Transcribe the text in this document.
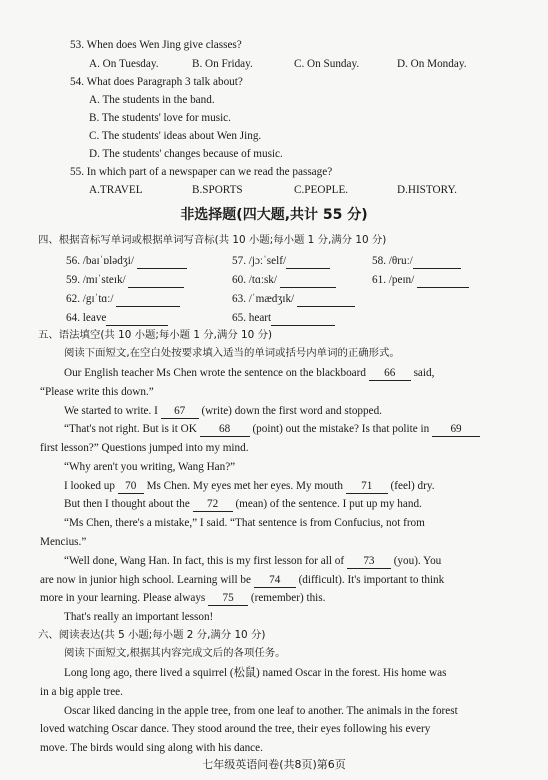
53. When does Wen Jing give classes?
A. On Tuesday.	B. On Friday.	C. On Sunday.	D. On Monday.
54. What does Paragraph 3 talk about?
A. The students in the band.
B. The students' love for music.
C. The students' ideas about Wen Jing.
D. The students' changes because of music.
55. In which part of a newspaper can we read the passage?
A.TRAVEL	B.SPORTS	C.PEOPLE.	D.HISTORY.
非选择题(四大题,共计 55 分)
四、根据音标写单词或根据单词写音标(共 10 小题;每小题 1 分,满分 10 分)
56. /baɪˈɒlədʒi/	57. /jɔːˈself/	58. /θruː/
59. /mɪˈsteɪk/	60. /tɑːsk/	61. /peɪn/
62. /gɪˈtɑː/	63. /ˈmædʒɪk/
64. leave	65. heart
五、语法填空(共 10 小题;每小题 1 分,满分 10 分)
阅读下面短文,在空白处按要求填入适当的单词或括号内单词的正确形式。
Our English teacher Ms Chen wrote the sentence on the blackboard 66 said,
“Please write this down.”
We started to write. I 67 (write) down the first word and stopped.
“That's not right. But is it OK 68 (point) out the mistake? Is that polite in 69
first lesson?” Questions jumped into my mind.
“Why aren't you writing, Wang Han?”
I looked up 70 Ms Chen. My eyes met her eyes. My mouth 71 (feel) dry.
But then I thought about the 72 (mean) of the sentence. I put up my hand.
“Ms Chen, there's a mistake,” I said. “That sentence is from Confucius, not from
Mencius.”
“Well done, Wang Han. In fact, this is my first lesson for all of 73 (you). You
are now in junior high school. Learning will be 74 (difficult). It's important to think
more in your learning. Please always 75 (remember) this.
That's really an important lesson!
六、阅读表达(共 5 小题;每小题 2 分,满分 10 分)
阅读下面短文,根据其内容完成文后的各项任务。
Long long ago, there lived a squirrel (松鼠) named Oscar in the forest. His home was
in a big apple tree.
Oscar liked dancing in the apple tree, from one leaf to another. The animals in the forest
loved watching Oscar dance. They stood around the tree, their eyes following his every
move. The birds would sing along with his dance.
七年级英语问卷(共8页)第6页
